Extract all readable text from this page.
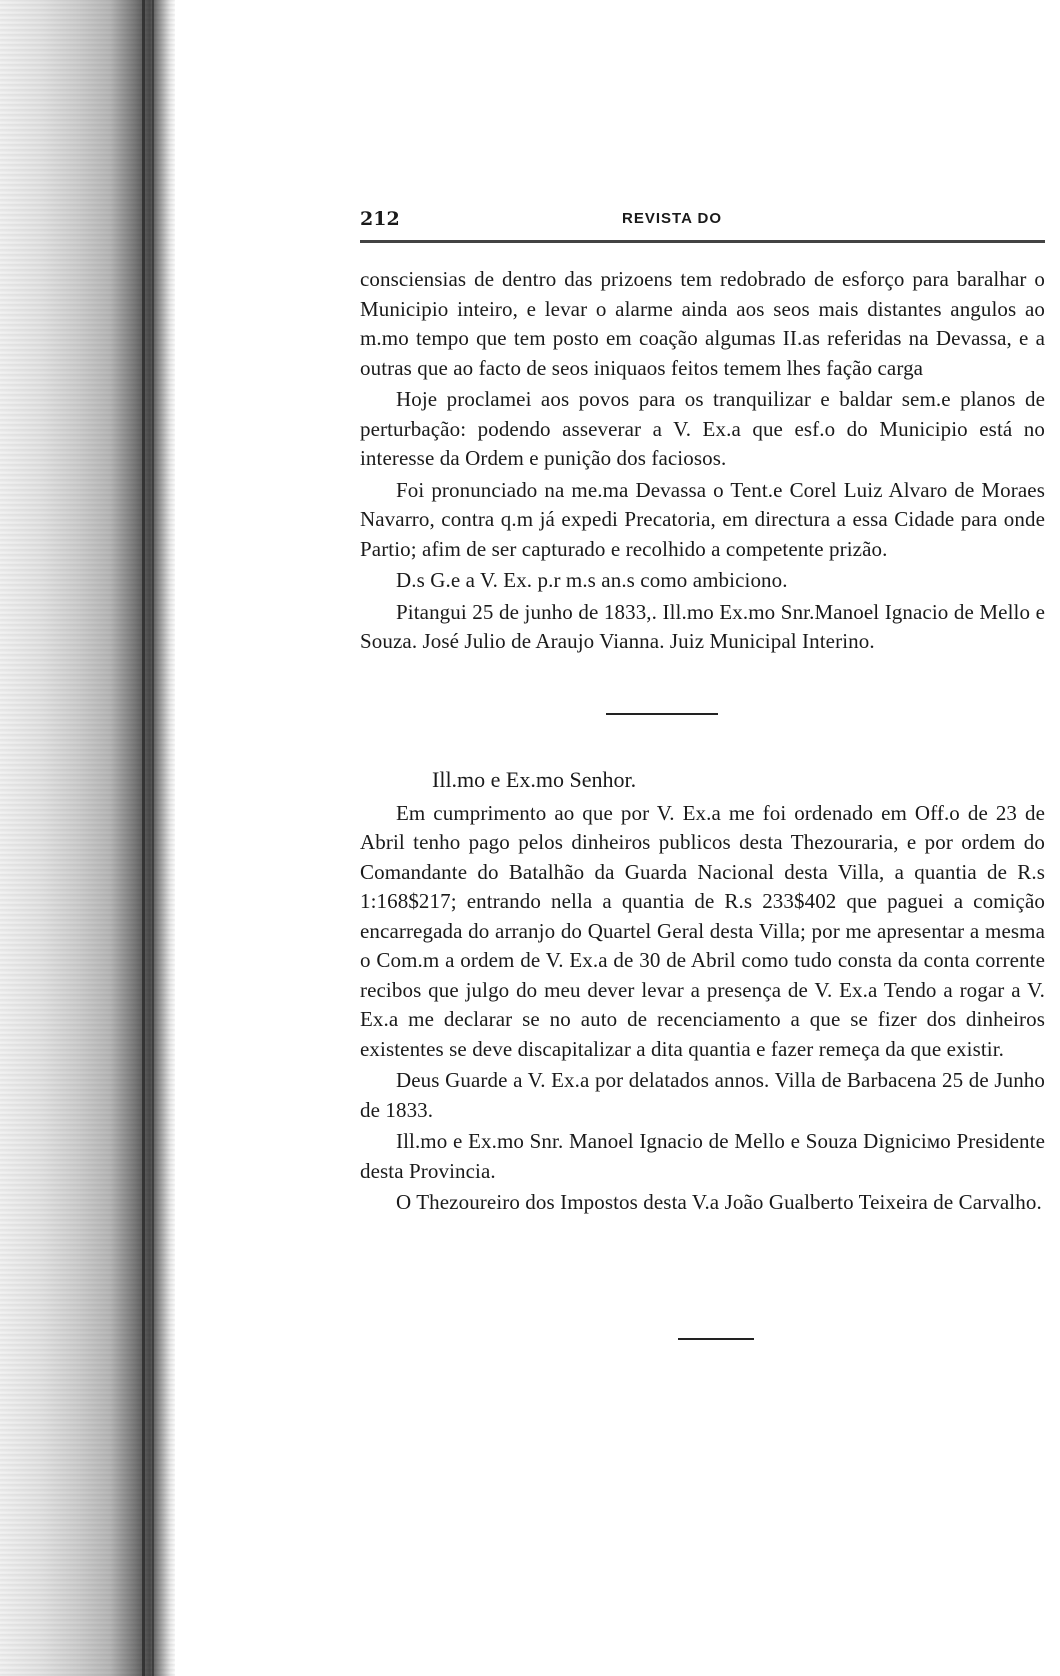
212	REVISTA DO

consciensias de dentro das prizoens tem redobrado de esforço para baralhar o Municipio inteiro, e levar o alarme ainda aos seos mais distantes angulos ao m.mo tempo que tem posto em coação algumas II.as referidas na Devassa, e a outras que ao facto de seos iniquaos feitos temem lhes fação carga

Hoje proclamei aos povos para os tranquilizar e baldar sem.e planos de perturbação: podendo asseverar a V. Ex.a que esf.o do Municipio está no interesse da Ordem e punição dos faciosos.

Foi pronunciado na me.ma Devassa o Tent.e Corel Luiz Alvaro de Moraes Navarro, contra q.m já expedi Precatoria, em directura a essa Cidade para onde Partio; afim de ser capturado e recolhido a competente prizão.

D.s G.e a V. Ex. p.r m.s an.s como ambiciono.

Pitangui 25 de junho de 1833,. Ill.mo Ex.mo Snr.Manoel Ignacio de Mello e Souza. José Julio de Araujo Vianna. Juiz Municipal Interino.

Ill.mo e Ex.mo Senhor.

Em cumprimento ao que por V. Ex.a me foi ordenado em Off.o de 23 de Abril tenho pago pelos dinheiros publicos desta Thezouraria, e por ordem do Comandante do Batalhão da Guarda Nacional desta Villa, a quantia de R.s 1:168$217; entrando nella a quantia de R.s 233$402 que paguei a comição encarregada do arranjo do Quartel Geral desta Villa; por me apresentar a mesma o Com.m a ordem de V. Ex.a de 30 de Abril como tudo consta da conta corrente recibos que julgo do meu dever levar a presença de V. Ex.a Tendo a rogar a V. Ex.a me declarar se no auto de recenciamento a que se fizer dos dinheiros existentes se deve discapitalizar a dita quantia e fazer remeça da que existir.

Deus Guarde a V. Ex.a por delatados annos. Villa de Barbacena 25 de Junho de 1833.

Ill.mo e Ex.mo Snr. Manoel Ignacio de Mello e Souza Digniciмo Presidente desta Provincia.

O Thezoureiro dos Impostos desta V.a João Gualberto Teixeira de Carvalho.
